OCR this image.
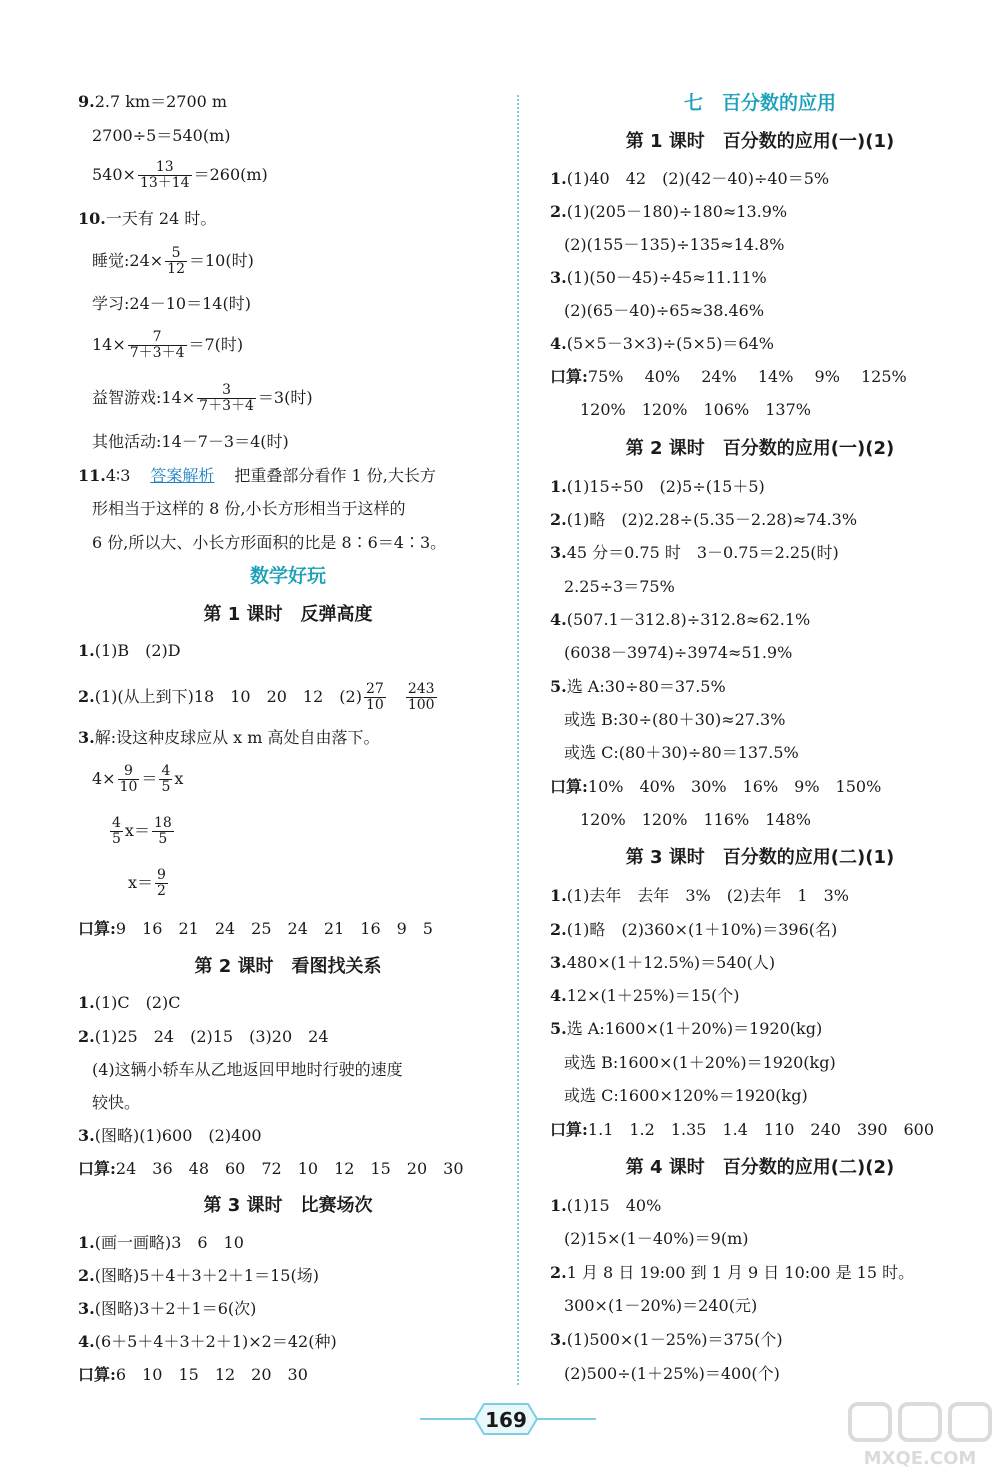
9.2.7 km＝2700 m
2700÷5＝540(m)
$540\times \frac{13}{13+14} =260(m)$
10.一天有 24 时。
睡觉:24× $\frac{5}{12} =10$(时)
学习:24－10＝14(时)
$14\times \frac{7}{7+3+4} =7$(时)
益智游戏:14× $\frac{3}{7+3+4} =3$(时)
其他活动:14－7－3＝4(时)
11.4∶3　 答案解析　 把重叠部分看作 1 份,大长方
形相当于这样的 8 份,小长方形相当于这样的
6 份,所以大、小长方形面积的比是 8∶6＝4∶3。
数学好玩
第 1 课时　反弹高度
1.(1)B　(2)D
2.(1)(从上到下)18　10　20　12　$(2) \frac{27}{10}$
　 $\frac{243}{100}$
3.解:设这种皮球应从 x m 高处自由落下。
$4\times \frac{9}{10} = \frac{4}{5}$ x
$\frac{4}{5} x= \frac{18}{5}$
$x= \frac{9}{2}$
口算:9　16　21　24　25　24　21　16　9　5
第 2 课时　看图找关系
1.(1)C　(2)C
2.(1)25　24　(2)15　(3)20　24
(4)这辆小轿车从乙地返回甲地时行驶的速度
较快。
3.(图略)(1)600　(2)400
口算:24　36　48　60　72　10　12　15　20　30
第 3 课时　比赛场次
1.(画一画略)3　6　10
2.(图略)5＋4＋3＋2＋1＝15(场)
3.(图略)3＋2＋1＝6(次)
4.(6＋5＋4＋3＋2＋1)×2＝42(种)
口算:6　10　15　12　20　30
七　百分数的应用
第 1 课时　百分数的应用(一)(1)
1.(1)40　42　(2)(42－40)÷40＝5%
2.(1)(205－180)÷180≈13.9%
(2)(155－135)÷135≈14.8%
3.(1)(50－45)÷45≈11.11%
(2)(65－40)÷65≈38.46%
4.(5×5－3×3)÷(5×5)＝64%
口算:75%　 40%　 24%　 14%　 9%　 125%
120%　120%　106%　137%
第 2 课时　百分数的应用(一)(2)
1.(1)15÷50　(2)5÷(15＋5)
2.(1)略　(2)2.28÷(5.35－2.28)≈74.3%
3.45 分＝0.75 时　3－0.75＝2.25(时)
2.25÷3＝75%
4.(507.1－312.8)÷312.8≈62.1%
(6038－3974)÷3974≈51.9%
5.选 A:30÷80＝37.5%
或选 B:30÷(80＋30)≈27.3%
或选 C:(80＋30)÷80＝137.5%
口算:10%　40%　30%　16%　9%　150%
120%　120%　116%　148%
第 3 课时　百分数的应用(二)(1)
1.(1)去年　去年　3%　(2)去年　1　3%
2.(1)略　(2)360×(1＋10%)＝396(名)
3.480×(1＋12.5%)＝540(人)
4.12×(1＋25%)＝15(个)
5.选 A:1600×(1＋20%)＝1920(kg)
或选 B:1600×(1＋20%)＝1920(kg)
或选 C:1600×120%＝1920(kg)
口算:1.1　1.2　1.35　1.4　110　240　390　600
第 4 课时　百分数的应用(二)(2)
1.(1)15　40%
(2)15×(1－40%)＝9(m)
2.1 月 8 日 19:00 到 1 月 9 日 10:00 是 15 时。
300×(1－20%)＝240(元)
3.(1)500×(1－25%)＝375(个)
(2)500÷(1＋25%)＝400(个)
169
MXQE.COM
